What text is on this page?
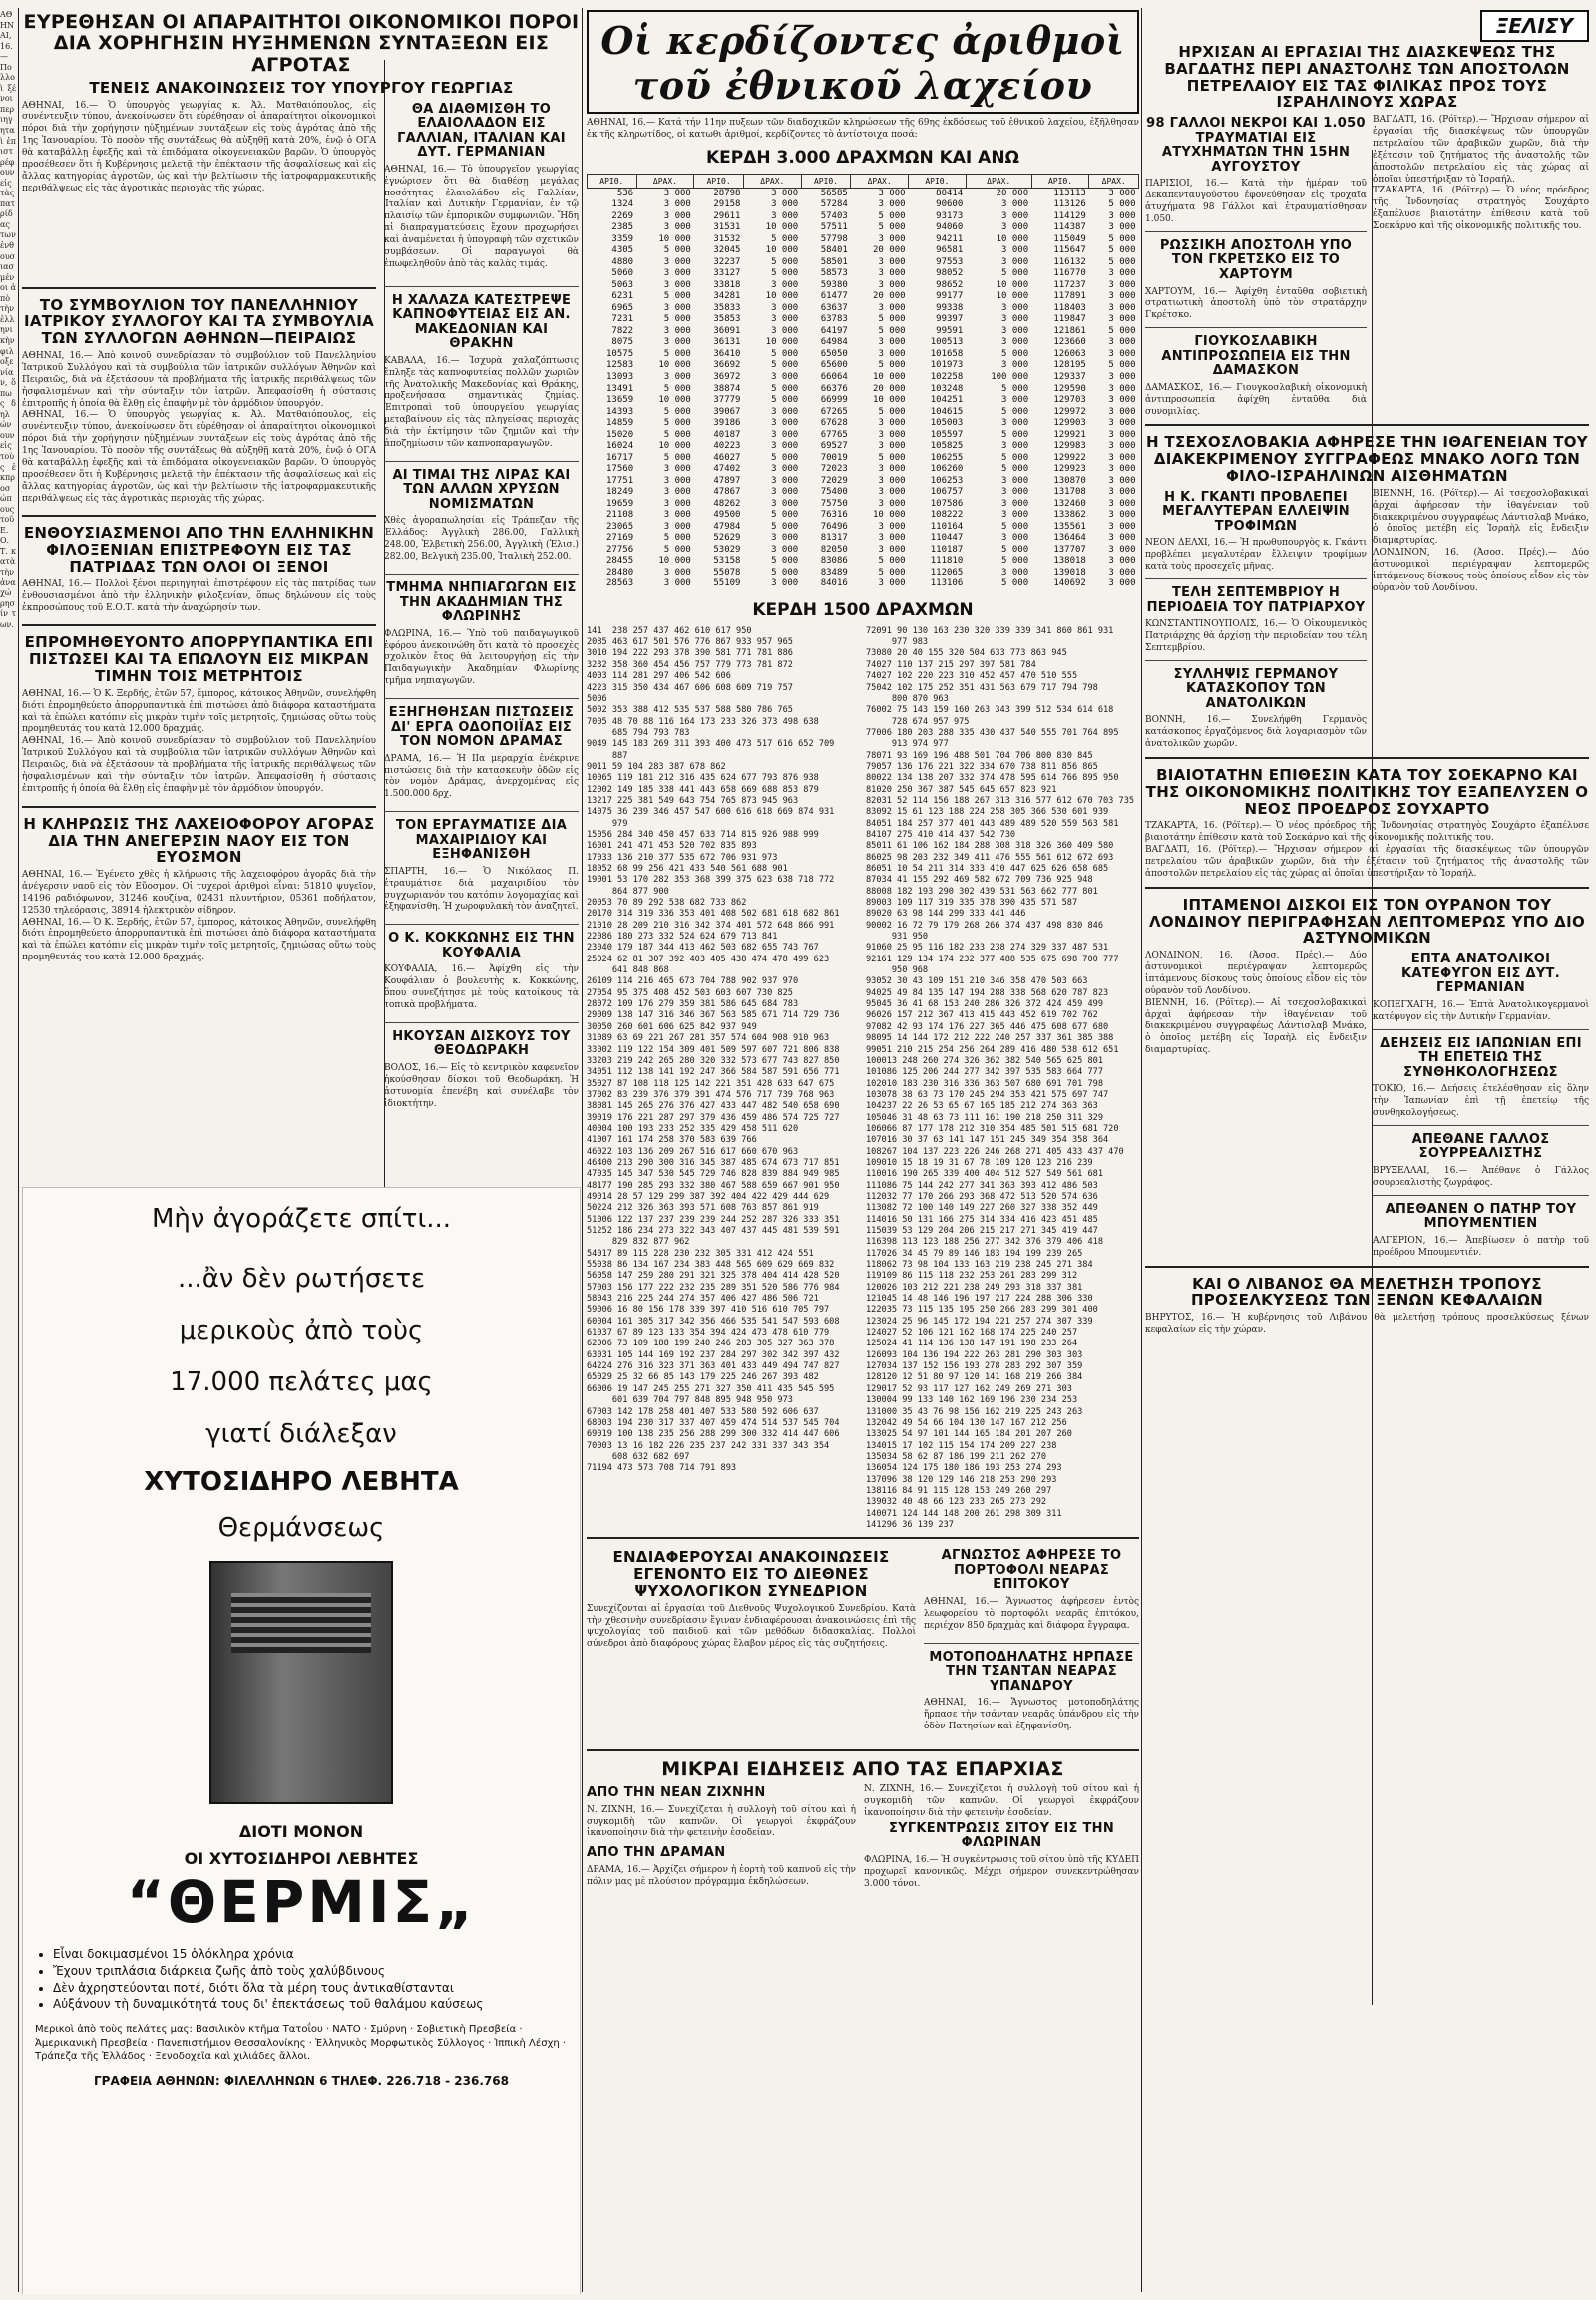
ΑΘΗΝΑΙ, 16.— Πολλοὶ ξένοι περιηγηταὶ ἐπιστρέφουν εἰς τὰς πατρίδας των ἐνθουσιασμένοι ἀπὸ τὴν ἑλληνικὴν φιλοξενίαν, ὅπως δηλώνουν εἰς τοὺς ἐκπροσώπους τοῦ Ε.Ο.Τ. κατὰ τὴν ἀναχώρησίν των.
ΕΥΡΕΘΗΣΑΝ ΟΙ ΑΠΑΡΑΙΤΗΤΟΙ ΟΙΚΟΝΟΜΙΚΟΙ ΠΟΡΟΙ ΔΙΑ ΧΟΡΗΓΗΣΙΝ ΗΥΞΗΜΕΝΩΝ ΣΥΝΤΑΞΕΩΝ ΕΙΣ ΑΓΡΟΤΑΣ
ΤΕΝΕΙΣ ΑΝΑΚΟΙΝΩΣΕΙΣ ΤΟΥ ΥΠΟΥΡΓΟΥ ΓΕΩΡΓΙΑΣ
ΑΘΗΝΑΙ, 16.— Ὁ ὑπουργὸς γεωργίας κ. Ἀλ. Ματθαιόπουλος, εἰς συνέντευξιν τύπου, ἀνεκοίνωσεν ὅτι εὑρέθησαν οἱ ἀπαραίτητοι οἰκονομικοὶ πόροι διὰ τὴν χορήγησιν ηὐξημένων συντάξεων εἰς τοὺς ἀγρότας ἀπὸ τῆς 1ης Ἰανουαρίου. Τὸ ποσὸν τῆς συντάξεως θὰ αὐξηθῇ κατὰ 20%, ἐνῷ ὁ ΟΓΑ θὰ καταβάλλῃ ἐφεξῆς καὶ τὰ ἐπιδόματα οἰκογενειακῶν βαρῶν. Ὁ ὑπουργὸς προσέθεσεν ὅτι ἡ Κυβέρνησις μελετᾷ τὴν ἐπέκτασιν τῆς ἀσφαλίσεως καὶ εἰς ἄλλας κατηγορίας ἀγροτῶν, ὡς καὶ τὴν βελτίωσιν τῆς ἰατροφαρμακευτικῆς περιθάλψεως εἰς τὰς ἀγροτικὰς περιοχὰς τῆς χώρας.
ΘΑ ΔΙΑΘΜΙΣΘΗ ΤΟ ΕΛΑΙΟΛΑΔΟΝ ΕΙΣ ΓΑΛΛΙΑΝ, ΙΤΑΛΙΑΝ ΚΑΙ ΔΥΤ. ΓΕΡΜΑΝΙΑΝ
ΑΘΗΝΑΙ, 16.— Τὸ ὑπουργεῖον γεωργίας ἐγνώρισεν ὅτι θὰ διαθέσῃ μεγάλας ποσότητας ἐλαιολάδου εἰς Γαλλίαν, Ἰταλίαν καὶ Δυτικὴν Γερμανίαν, ἐν τῷ πλαισίῳ τῶν ἐμπορικῶν συμφωνιῶν. Ἤδη αἱ διαπραγματεύσεις ἔχουν προχωρήσει καὶ ἀναμένεται ἡ ὑπογραφὴ τῶν σχετικῶν συμβάσεων. Οἱ παραγωγοὶ θὰ ἐπωφεληθοῦν ἀπὸ τὰς καλὰς τιμάς.
ΤΟ ΣΥΜΒΟΥΛΙΟΝ ΤΟΥ ΠΑΝΕΛΛΗΝΙΟΥ ΙΑΤΡΙΚΟΥ ΣΥΛΛΟΓΟΥ ΚΑΙ ΤΑ ΣΥΜΒΟΥΛΙΑ ΤΩΝ ΣΥΛΛΟΓΩΝ ΑΘΗΝΩΝ—ΠΕΙΡΑΙΩΣ
ΑΘΗΝΑΙ, 16.— Ἀπὸ κοινοῦ συνεδρίασαν τὸ συμβούλιον τοῦ Πανελληνίου Ἰατρικοῦ Συλλόγου καὶ τὰ συμβούλια τῶν ἰατρικῶν συλλόγων Ἀθηνῶν καὶ Πειραιῶς, διὰ νὰ ἐξετάσουν τὰ προβλήματα τῆς ἰατρικῆς περιθάλψεως τῶν ἠσφαλισμένων καὶ τὴν σύνταξιν τῶν ἰατρῶν. Ἀπεφασίσθη ἡ σύστασις ἐπιτροπῆς ἡ ὁποία θὰ ἔλθῃ εἰς ἐπαφὴν μὲ τὸν ἁρμόδιον ὑπουργόν.
ΑΘΗΝΑΙ, 16.— Ὁ ὑπουργὸς γεωργίας κ. Ἀλ. Ματθαιόπουλος, εἰς συνέντευξιν τύπου, ἀνεκοίνωσεν ὅτι εὑρέθησαν οἱ ἀπαραίτητοι οἰκονομικοὶ πόροι διὰ τὴν χορήγησιν ηὐξημένων συντάξεων εἰς τοὺς ἀγρότας ἀπὸ τῆς 1ης Ἰανουαρίου. Τὸ ποσὸν τῆς συντάξεως θὰ αὐξηθῇ κατὰ 20%, ἐνῷ ὁ ΟΓΑ θὰ καταβάλλῃ ἐφεξῆς καὶ τὰ ἐπιδόματα οἰκογενειακῶν βαρῶν. Ὁ ὑπουργὸς προσέθεσεν ὅτι ἡ Κυβέρνησις μελετᾷ τὴν ἐπέκτασιν τῆς ἀσφαλίσεως καὶ εἰς ἄλλας κατηγορίας ἀγροτῶν, ὡς καὶ τὴν βελτίωσιν τῆς ἰατροφαρμακευτικῆς περιθάλψεως εἰς τὰς ἀγροτικὰς περιοχὰς τῆς χώρας.
ΕΝΘΟΥΣΙΑΣΜΕΝΟΙ ΑΠΟ ΤΗΝ ΕΛΛΗΝΙΚΗΝ ΦΙΛΟΞΕΝΙΑΝ ΕΠΙΣΤΡΕΦΟΥΝ ΕΙΣ ΤΑΣ ΠΑΤΡΙΔΑΣ ΤΩΝ ΟΛΟΙ ΟΙ ΞΕΝΟΙ
ΑΘΗΝΑΙ, 16.— Πολλοὶ ξένοι περιηγηταὶ ἐπιστρέφουν εἰς τὰς πατρίδας των ἐνθουσιασμένοι ἀπὸ τὴν ἑλληνικὴν φιλοξενίαν, ὅπως δηλώνουν εἰς τοὺς ἐκπροσώπους τοῦ Ε.Ο.Τ. κατὰ τὴν ἀναχώρησίν των.
ΕΠΡΟΜΗΘΕΥΟΝΤΟ ΑΠΟΡΡΥΠΑΝΤΙΚΑ ΕΠΙ ΠΙΣΤΩΣΕΙ ΚΑΙ ΤΑ ΕΠΩΛΟΥΝ ΕΙΣ ΜΙΚΡΑΝ ΤΙΜΗΝ ΤΟΙΣ ΜΕΤΡΗΤΟΙΣ
ΑΘΗΝΑΙ, 16.— Ὁ Κ. Ξερδής, ἐτῶν 57, ἔμπορος, κάτοικος Ἀθηνῶν, συνελήφθη διότι ἐπρομηθεύετο ἀπορρυπαντικὰ ἐπὶ πιστώσει ἀπὸ διάφορα καταστήματα καὶ τὰ ἐπώλει κατόπιν εἰς μικρὰν τιμὴν τοῖς μετρητοῖς, ζημιώσας οὕτω τοὺς προμηθευτάς του κατὰ 12.000 δραχμάς.
ΑΘΗΝΑΙ, 16.— Ἀπὸ κοινοῦ συνεδρίασαν τὸ συμβούλιον τοῦ Πανελληνίου Ἰατρικοῦ Συλλόγου καὶ τὰ συμβούλια τῶν ἰατρικῶν συλλόγων Ἀθηνῶν καὶ Πειραιῶς, διὰ νὰ ἐξετάσουν τὰ προβλήματα τῆς ἰατρικῆς περιθάλψεως τῶν ἠσφαλισμένων καὶ τὴν σύνταξιν τῶν ἰατρῶν. Ἀπεφασίσθη ἡ σύστασις ἐπιτροπῆς ἡ ὁποία θὰ ἔλθῃ εἰς ἐπαφὴν μὲ τὸν ἁρμόδιον ὑπουργόν.
Η ΚΛΗΡΩΣΙΣ ΤΗΣ ΛΑΧΕΙΟΦΟΡΟΥ ΑΓΟΡΑΣ ΔΙΑ ΤΗΝ ΑΝΕΓΕΡΣΙΝ ΝΑΟΥ ΕΙΣ ΤΟΝ ΕΥΟΣΜΟΝ
ΑΘΗΝΑΙ, 16.— Ἐγένετο χθὲς ἡ κλήρωσις τῆς λαχειοφόρου ἀγορᾶς διὰ τὴν ἀνέγερσιν ναοῦ εἰς τὸν Εὔοσμον. Οἱ τυχεροὶ ἀριθμοὶ εἶναι: 51810 ψυγεῖον, 14196 ραδιόφωνον, 31246 κουζίνα, 02431 πλυντήριον, 05361 ποδήλατον, 12530 τηλεόρασις, 38914 ἠλεκτρικὸν σίδηρον.
ΑΘΗΝΑΙ, 16.— Ὁ Κ. Ξερδής, ἐτῶν 57, ἔμπορος, κάτοικος Ἀθηνῶν, συνελήφθη διότι ἐπρομηθεύετο ἀπορρυπαντικὰ ἐπὶ πιστώσει ἀπὸ διάφορα καταστήματα καὶ τὰ ἐπώλει κατόπιν εἰς μικρὰν τιμὴν τοῖς μετρητοῖς, ζημιώσας οὕτω τοὺς προμηθευτάς του κατὰ 12.000 δραχμάς.
Η ΧΑΛΑΖΑ ΚΑΤΕΣΤΡΕΨΕ ΚΑΠΝΟΦΥΤΕΙΑΣ ΕΙΣ ΑΝ. ΜΑΚΕΔΟΝΙΑΝ ΚΑΙ ΘΡΑΚΗΝ
ΚΑΒΑΛΑ, 16.— Ἰσχυρὰ χαλαζόπτωσις ἔπληξε τὰς καπνοφυτείας πολλῶν χωριῶν τῆς Ἀνατολικῆς Μακεδονίας καὶ Θράκης, προξενήσασα σημαντικὰς ζημίας. Ἐπιτροπαὶ τοῦ ὑπουργείου γεωργίας μεταβαίνουν εἰς τὰς πληγείσας περιοχὰς διὰ τὴν ἐκτίμησιν τῶν ζημιῶν καὶ τὴν ἀποζημίωσιν τῶν καπνοπαραγωγῶν.
ΑΙ ΤΙΜΑΙ ΤΗΣ ΛΙΡΑΣ ΚΑΙ ΤΩΝ ΑΛΛΩΝ ΧΡΥΣΩΝ ΝΟΜΙΣΜΑΤΩΝ
Χθὲς ἀγοραπωλησίαι εἰς Τράπεζαν τῆς Ἑλλάδος: Ἀγγλικὴ 286.00, Γαλλικὴ 248.00, Ἐλβετικὴ 256.00, Ἀγγλικὴ (Ἐλισ.) 282.00, Βελγικὴ 235.00, Ἰταλικὴ 252.00.
ΤΜΗΜΑ ΝΗΠΙΑΓΩΓΩΝ ΕΙΣ ΤΗΝ ΑΚΑΔΗΜΙΑΝ ΤΗΣ ΦΛΩΡΙΝΗΣ
ΦΛΩΡΙΝΑ, 16.— Ὑπὸ τοῦ παιδαγωγικοῦ ἐφόρου ἀνεκοινώθη ὅτι κατὰ τὸ προσεχὲς σχολικὸν ἔτος θὰ λειτουργήσῃ εἰς τὴν Παιδαγωγικὴν Ἀκαδημίαν Φλωρίνης τμῆμα νηπιαγωγῶν.
ΕΞΗΓΗΘΗΣΑΝ ΠΙΣΤΩΣΕΙΣ ΔΙ' ΕΡΓΑ ΟΔΟΠΟΙΪΑΣ ΕΙΣ ΤΟΝ ΝΟΜΟΝ ΔΡΑΜΑΣ
ΔΡΑΜΑ, 16.— Ἡ ΙΙα μεραρχία ἐνέκρινε πιστώσεις διὰ τὴν κατασκευὴν ὁδῶν εἰς τὸν νομὸν Δράμας, ἀνερχομένας εἰς 1.500.000 δρχ.
ΤΟΝ ΕΡΓΑΥΜΑΤΙΣΕ ΔΙΑ ΜΑΧΑΙΡΙΔΙΟΥ ΚΑΙ ΕΞΗΦΑΝΙΣΘΗ
ΣΠΑΡΤΗ, 16.— Ὁ Νικόλαος Π. ἐτραυμάτισε διὰ μαχαιριδίου τὸν συγχωριανόν του κατόπιν λογομαχίας καὶ ἐξηφανίσθη. Ἡ χωροφυλακὴ τὸν ἀναζητεῖ.
Ο Κ. ΚΟΚΚΩΝΗΣ ΕΙΣ ΤΗΝ ΚΟΥΦΑΛΙΑ
ΚΟΥΦΑΛΙΑ, 16.— Ἀφίχθη εἰς τὴν Κουφάλιαν ὁ βουλευτὴς κ. Κοκκώνης, ὅπου συνεζήτησε μὲ τοὺς κατοίκους τὰ τοπικὰ προβλήματα.
ΗΚΟΥΣΑΝ ΔΙΣΚΟΥΣ ΤΟΥ ΘΕΟΔΩΡΑΚΗ
ΒΟΛΟΣ, 16.— Εἰς τὸ κεντρικὸν καφενεῖον ἠκούσθησαν δίσκοι τοῦ Θεοδωράκη. Ἡ ἀστυνομία ἐπενέβη καὶ συνέλαβε τὸν ἰδιοκτήτην.
Μὴν ἀγοράζετε σπίτι...
...ἂν δὲν ρωτήσετε
μερικοὺς ἀπὸ τοὺς
17.000 πελάτες μας
γιατί διάλεξαν
ΧΥΤΟΣΙΔΗΡΟ ΛΕΒΗΤΑ
Θερμάνσεως
ΔΙΟΤΙ ΜΟΝΟΝ
ΟΙ ΧΥΤΟΣΙΔΗΡΟΙ ΛΕΒΗΤΕΣ
“ΘΕΡΜΙΣ„
• Εἶναι δοκιμασμένοι 15 ὁλόκληρα χρόνια
• Ἔχουν τριπλάσια διάρκεια ζωῆς ἀπὸ τοὺς χαλύβδινους
• Δὲν ἀχρηστεύονται ποτέ, διότι ὅλα τὰ μέρη τους ἀντικαθίστανται
• Αὐξάνουν τὴ δυναμικότητά τους δι' ἐπεκτάσεως τοῦ θαλάμου καύσεως
Μερικοὶ ἀπὸ τοὺς πελάτες μας: Βασιλικὸν κτῆμα Τατοΐου · ΝΑΤΟ · Σμύρνη · Σοβιετικὴ Πρεσβεία · Ἀμερικανικὴ Πρεσβεία · Πανεπιστήμιον Θεσσαλονίκης · Ἑλληνικὸς Μορφωτικὸς Σύλλογος · Ἱππικὴ Λέσχη · Τράπεζα τῆς Ἑλλάδος · Ξενοδοχεῖα καὶ χιλιάδες ἄλλοι.
ΓΡΑΦΕΙΑ ΑΘΗΝΩΝ: ΦΙΛΕΛΛΗΝΩΝ 6 ΤΗΛΕΦ. 226.718 - 236.768
Οἱ κερδίζοντες ἀριθμοὶ τοῦ ἐθνικοῦ λαχείου
ΑΘΗΝΑΙ, 16.— Κατά τήν 11ην πυξεων τῶν διαδοχικῶν κληρώσεων τῆς 69ης ἐκδόσεως τοῦ ἐθνικοῦ λαχείου, ἐξῆλθησαν ἐκ τῆς κληρωτίδος, οἱ κατωθι ἀριθμοί, κερδίζοντες τὸ ἀντίστοιχα ποσά:
ΚΕΡΔΗ 3.000 ΔΡΑΧΜΩΝ ΚΑΙ ΑΝΩ
ΑΡΙΘ.	ΔΡΑΧ.	ΑΡΙΘ.	ΔΡΑΧ.	ΑΡΙΘ.	ΔΡΑΧ.	ΑΡΙΘ.	ΔΡΑΧ.	ΑΡΙΘ.	ΔΡΑΧ.
536	3 000	28798	3 000	56585	3 000	80414	20 000	113113	3 000
1324	3 000	29158	3 000	57284	3 000	90600	3 000	113126	5 000
2269	3 000	29611	3 000	57403	5 000	93173	3 000	114129	3 000
2385	3 000	31531	10 000	57511	5 000	94060	3 000	114387	3 000
3359	10 000	31532	5 000	57798	3 000	94211	10 000	115049	5 000
4305	5 000	32045	10 000	58401	20 000	96581	3 000	115647	5 000
4880	3 000	32237	5 000	58501	3 000	97553	3 000	116132	5 000
5060	3 000	33127	5 000	58573	3 000	98052	5 000	116770	3 000
5063	3 000	33818	3 000	59380	3 000	98652	10 000	117237	3 000
6231	5 000	34281	10 000	61477	20 000	99177	10 000	117891	3 000
6965	3 000	35833	3 000	63637	3 000	99338	3 000	118403	3 000
7231	5 000	35853	3 000	63783	5 000	99397	3 000	119847	3 000
7822	3 000	36091	3 000	64197	5 000	99591	3 000	121861	5 000
8075	3 000	36131	10 000	64984	3 000	100513	3 000	123660	3 000
10575	5 000	36410	5 000	65050	3 000	101658	5 000	126063	3 000
12583	10 000	36692	5 000	65600	5 000	101973	3 000	128195	5 000
13093	3 000	36972	3 000	66064	10 000	102258	100 000	129337	3 000
13491	5 000	38874	5 000	66376	20 000	103248	5 000	129590	3 000
13659	10 000	37779	5 000	66999	10 000	104251	3 000	129703	3 000
14393	5 000	39067	3 000	67265	5 000	104615	5 000	129972	3 000
14859	5 000	39186	3 000	67628	3 000	105003	3 000	129903	3 000
15020	5 000	40187	3 000	67765	3 000	105597	5 000	129921	3 000
16024	10 000	40223	3 000	69527	3 000	105825	3 000	129983	3 000
16717	5 000	46027	5 000	70019	5 000	106255	5 000	129922	3 000
17560	3 000	47402	3 000	72023	3 000	106260	5 000	129923	3 000
17751	3 000	47897	3 000	72029	3 000	106253	3 000	130870	3 000
18249	3 000	47867	3 000	75400	3 000	106757	3 000	131708	3 000
19659	3 000	48262	3 000	75750	3 000	107586	3 000	132460	3 000
21108	3 000	49500	5 000	76316	10 000	108222	3 000	133862	3 000
23065	3 000	47984	5 000	76496	3 000	110164	5 000	135561	3 000
27169	5 000	52629	3 000	81317	3 000	110447	3 000	136464	3 000
27756	5 000	53029	3 000	82050	3 000	110187	5 000	137707	3 000
28455	10 000	53158	5 000	83086	5 000	111810	5 000	138018	3 000
28480	3 000	55078	5 000	83489	5 000	112065	3 000	139018	3 000
28563	3 000	55109	3 000	84016	3 000	113106	5 000	140692	3 000
ΚΕΡΔΗ 1500 ΔΡΑΧΜΩΝ
141  238 257 437 462 610 617 950
2085 463 617 501 576 776 867 933 957 965
3010 194 222 293 378 390 581 771 781 886
3232 358 360 454 456 757 779 773 781 872
4003 114 281 297 406 542 606
4223 315 350 434 467 606 608 609 719 757
5006
5002 353 388 412 535 537 588 580 786 765
7005 48 70 88 116 164 173 233 326 373 498 638
685 794 793 783
9049 145 183 269 311 393 400 473 517 616 652 709
887
9011 59 104 283 387 678 862
10065 119 181 212 316 435 624 677 793 876 938
12002 149 185 338 441 443 658 669 688 853 879
13217 225 381 549 643 754 765 873 945 963
14075 36 239 346 457 547 600 616 618 669 874 931
979
15056 284 340 450 457 633 714 815 926 988 999
16001 241 471 453 520 702 835 893
17033 136 210 377 535 672 706 931 973
18052 68 99 256 421 433 540 561 688 901
19001 53 170 282 353 368 399 375 623 638 718 772
864 877 900
20053 70 89 292 538 682 733 862
20170 314 319 336 353 401 408 502 681 618 682 861
21010 28 209 210 316 342 374 401 572 648 866 991
22086 180 273 332 524 624 679 713 841
23040 179 187 344 413 462 503 682 655 743 767
25024 62 81 307 392 403 405 438 474 478 499 623
641 848 868
26109 114 216 465 673 704 788 902 937 970
27054 95 375 408 452 503 603 607 730 825
28072 109 176 279 359 381 586 645 684 783
29009 138 147 316 346 367 563 585 671 714 729 736
30050 260 601 606 625 842 937 949
31089 63 69 221 267 281 357 574 604 908 910 963
33002 119 122 154 309 401 509 597 607 721 806 838
33203 219 242 265 280 320 332 573 677 743 827 850
34051 112 138 141 192 247 366 584 587 591 656 771
35027 87 108 118 125 142 221 351 428 633 647 675
37002 83 239 376 379 391 474 576 717 739 768 963
38081 145 265 276 376 427 433 447 482 540 658 690
39019 176 221 287 297 379 436 459 486 574 725 727
40004 100 193 233 252 335 429 458 511 620
41007 161 174 258 370 583 639 766
46022 103 136 209 267 516 617 660 670 963
46400 213 290 300 316 345 387 485 674 673 717 851
47035 145 347 530 545 729 746 828 839 884 949 985
48177 190 285 293 332 380 467 588 659 667 901 950
49014 28 57 129 299 387 392 404 422 429 444 629
50224 212 326 363 393 571 608 763 857 861 919
51006 122 137 237 239 239 244 252 287 326 333 351
51252 186 234 273 322 343 407 437 445 481 539 591
829 832 877 962
54017 89 115 228 230 232 305 331 412 424 551
55038 86 134 167 234 383 448 565 609 629 669 832
56058 147 259 280 291 321 325 378 404 414 428 520
57003 156 177 222 232 235 289 351 520 586 776 984
58043 216 225 244 274 357 406 427 486 506 721
59006 16 80 156 178 339 397 410 516 610 705 797
60004 161 305 317 342 356 466 535 541 547 593 608
61037 67 89 123 133 354 394 424 473 478 610 779
62006 73 109 188 199 240 246 283 305 327 363 378
63031 105 144 169 192 237 284 297 302 342 397 432
64224 276 316 323 371 363 401 433 449 494 747 827
65029 25 32 66 85 143 179 225 246 267 393 482
66006 19 147 245 255 271 327 350 411 435 545 595
601 639 704 797 848 895 948 950 973
67003 142 178 258 401 407 533 580 592 606 637
68003 194 230 317 337 407 459 474 514 537 545 704
69019 100 138 235 256 288 299 300 332 414 447 606
70003 13 16 182 226 235 237 242 331 337 343 354
608 632 682 697
71194 473 573 708 714 791 893
72091 90 130 163 230 320 339 339 341 860 861 931
977 983
73080 20 40 155 320 504 633 773 863 945
74027 110 137 215 297 397 581 784
74027 102 220 223 310 452 457 470 510 555
75042 102 175 252 351 431 563 679 717 794 798
800 870 963
76002 75 143 159 160 263 343 399 512 534 614 618
728 674 957 975
77006 180 203 288 335 430 437 540 555 701 764 895
913 974 977
78071 93 169 196 488 501 704 706 800 830 845
79057 136 176 221 322 334 670 738 811 856 865
80022 134 138 207 332 374 478 595 614 766 895 950
81020 250 367 387 545 645 657 823 921
82031 52 114 156 188 267 313 316 577 612 670 703 735
83092 15 61 123 188 224 258 305 366 530 601 939
84051 184 257 377 401 443 489 489 520 559 563 581
84107 275 410 414 437 542 730
85011 61 106 162 184 288 308 318 326 360 409 580
86025 98 203 232 349 411 476 555 561 612 672 693
86051 10 54 211 314 333 410 447 625 626 658 685
87034 41 155 292 469 582 672 709 736 925 948
88008 182 193 290 302 439 531 563 662 777 801
89003 109 117 319 335 378 390 435 571 587
89020 63 98 144 299 333 441 446
90002 16 72 79 179 268 266 374 437 498 830 846
931 950
91060 25 95 116 182 233 238 274 329 337 487 531
92161 129 134 174 232 377 488 535 675 698 700 777
950 968
93052 30 43 109 151 210 346 358 470 503 663
94025 49 84 135 147 194 288 338 568 620 787 823
95045 36 41 68 153 240 286 326 372 424 459 499
96026 157 212 367 413 415 443 452 619 702 762
97082 42 93 174 176 227 365 446 475 608 677 680
98095 14 144 172 212 222 240 257 337 361 385 388
99051 210 215 254 256 264 289 416 480 538 612 651
100013 248 260 274 326 362 382 540 565 625 801
101086 125 206 244 277 342 397 535 583 664 777
102010 183 230 316 336 363 507 680 691 701 798
103078 38 63 73 170 245 294 353 421 575 697 747
104237 22 26 53 65 67 165 185 212 274 363 363
105046 31 48 63 73 111 161 190 218 250 311 329
106066 87 177 178 212 310 354 485 501 515 681 720
107016 30 37 63 141 147 151 245 349 354 358 364
108267 104 137 223 226 246 268 271 405 433 437 470
109010 15 18 19 31 67 78 109 120 123 216 239
110016 190 265 339 400 404 512 527 549 561 681
111086 75 144 242 277 341 363 393 412 486 503
112032 77 170 266 293 368 472 513 520 574 636
113082 72 100 140 149 227 260 327 338 352 449
114016 50 131 166 275 314 334 416 423 451 485
115039 53 129 204 206 215 217 271 345 419 447
116398 113 123 188 256 277 342 376 379 406 418
117026 34 45 79 89 146 183 194 199 239 265
118062 73 98 104 133 163 219 238 245 271 384
119109 86 115 118 232 253 261 283 299 312
120026 103 212 221 238 249 293 318 337 381
121045 14 48 146 196 197 217 224 288 306 330
122035 73 115 135 195 250 266 283 299 301 400
123024 25 96 145 172 194 221 257 274 307 339
124027 52 106 121 162 168 174 225 240 257
125024 41 114 136 138 147 191 198 233 264
126093 104 136 194 222 263 281 290 303 303
127034 137 152 156 193 278 283 292 307 359
128120 12 51 80 97 120 141 168 219 266 384
129017 52 93 117 127 162 249 269 271 303
130004 99 133 140 162 169 196 230 234 253
131000 35 43 76 98 156 162 219 225 243 263
132042 49 54 66 104 130 147 167 212 256
133025 54 97 101 144 165 184 201 207 260
134015 17 102 115 154 174 209 227 238
135034 58 62 87 186 199 211 262 270
136054 124 175 180 186 193 253 274 293
137096 38 120 129 146 218 253 290 293
138116 84 91 115 128 153 249 260 297
139032 40 48 66 123 233 265 273 292
140071 124 144 148 200 261 298 309 311
141296 36 139 237
ΕΝΔΙΑΦΕΡΟΥΣΑΙ ΑΝΑΚΟΙΝΩΣΕΙΣ ΕΓΕΝΟΝΤΟ ΕΙΣ ΤΟ ΔΙΕΘΝΕΣ ΨΥΧΟΛΟΓΙΚΟΝ ΣΥΝΕΔΡΙΟΝ
Συνεχίζονται αἱ ἐργασίαι τοῦ Διεθνοῦς Ψυχολογικοῦ Συνεδρίου. Κατὰ τὴν χθεσινὴν συνεδρίασιν ἔγιναν ἐνδιαφέρουσαι ἀνακοινώσεις ἐπὶ τῆς ψυχολογίας τοῦ παιδιοῦ καὶ τῶν μεθόδων διδασκαλίας. Πολλοὶ σύνεδροι ἀπὸ διαφόρους χώρας ἔλαβον μέρος εἰς τὰς συζητήσεις.
ΑΓΝΩΣΤΟΣ ΑΦΗΡΕΣΕ ΤΟ ΠΟΡΤΟΦΟΛΙ ΝΕΑΡΑΣ ΕΠΙΤΟΚΟΥ
ΑΘΗΝΑΙ, 16.— Ἄγνωστος ἀφήρεσεν ἐντὸς λεωφορείου τὸ πορτοφόλι νεαρᾶς ἐπιτόκου, περιέχον 850 δραχμὰς καὶ διάφορα ἔγγραφα.
ΜΟΤΟΠΟΔΗΛΑΤΗΣ ΗΡΠΑΣΕ ΤΗΝ ΤΣΑΝΤΑΝ ΝΕΑΡΑΣ ΥΠΑΝΔΡΟΥ
ΑΘΗΝΑΙ, 16.— Ἄγνωστος μοτοποδηλάτης ἥρπασε τὴν τσάνταν νεαρᾶς ὑπάνδρου εἰς τὴν ὁδὸν Πατησίων καὶ ἐξηφανίσθη.
ΜΙΚΡΑΙ ΕΙΔΗΣΕΙΣ ΑΠΟ ΤΑΣ ΕΠΑΡΧΙΑΣ
ΑΠΟ ΤΗΝ ΝΕΑΝ ΖΙΧΝΗΝ
Ν. ΖΙΧΝΗ, 16.— Συνεχίζεται ἡ συλλογὴ τοῦ σίτου καὶ ἡ συγκομιδὴ τῶν καπνῶν. Οἱ γεωργοὶ ἐκφράζουν ἱκανοποίησιν διὰ τὴν φετεινὴν ἐσοδείαν.
ΑΠΟ ΤΗΝ ΔΡΑΜΑΝ
ΔΡΑΜΑ, 16.— Ἀρχίζει σήμερον ἡ ἑορτὴ τοῦ καπνοῦ εἰς τὴν πόλιν μας μὲ πλούσιον πρόγραμμα ἐκδηλώσεων.
Ν. ΖΙΧΝΗ, 16.— Συνεχίζεται ἡ συλλογὴ τοῦ σίτου καὶ ἡ συγκομιδὴ τῶν καπνῶν. Οἱ γεωργοὶ ἐκφράζουν ἱκανοποίησιν διὰ τὴν φετεινὴν ἐσοδείαν.
ΣΥΓΚΕΝΤΡΩΣΙΣ ΣΙΤΟΥ ΕΙΣ ΤΗΝ ΦΛΩΡΙΝΑΝ
ΦΛΩΡΙΝΑ, 16.— Ἡ συγκέντρωσις τοῦ σίτου ὑπὸ τῆς ΚΥΔΕΠ προχωρεῖ κανονικῶς. Μέχρι σήμερον συνεκεντρώθησαν 3.000 τόνοι.
ΞΕΛΙΣΥ
ΗΡΧΙΣΑΝ ΑΙ ΕΡΓΑΣΙΑΙ ΤΗΣ ΔΙΑΣΚΕΨΕΩΣ ΤΗΣ ΒΑΓΔΑΤΗΣ ΠΕΡΙ ΑΝΑΣΤΟΛΗΣ ΤΩΝ ΑΠΟΣΤΟΛΩΝ ΠΕΤΡΕΛΑΙΟΥ ΕΙΣ ΤΑΣ ΦΙΛΙΚΑΣ ΠΡΟΣ ΤΟΥΣ ΙΣΡΑΗΛΙΝΟΥΣ ΧΩΡΑΣ
98 ΓΑΛΛΟΙ ΝΕΚΡΟΙ ΚΑΙ 1.050 ΤΡΑΥΜΑΤΙΑΙ ΕΙΣ ΑΤΥΧΗΜΑΤΩΝ ΤΗΝ 15ΗΝ ΑΥΓΟΥΣΤΟΥ
ΠΑΡΙΣΙΟΙ, 16.— Κατὰ τὴν ἡμέραν τοῦ Δεκαπενταυγούστου ἐφονεύθησαν εἰς τροχαῖα ἀτυχήματα 98 Γάλλοι καὶ ἐτραυματίσθησαν 1.050.
ΡΩΣΣΙΚΗ ΑΠΟΣΤΟΛΗ ΥΠΟ ΤΟΝ ΓΚΡΕΤΣΚΟ ΕΙΣ ΤΟ ΧΑΡΤΟΥΜ
ΧΑΡΤΟΥΜ, 16.— Ἀφίχθη ἐνταῦθα σοβιετικὴ στρατιωτικὴ ἀποστολὴ ὑπὸ τὸν στρατάρχην Γκρέτσκο.
ΓΙΟΥΚΟΣΛΑΒΙΚΗ ΑΝΤΙΠΡΟΣΩΠΕΙΑ ΕΙΣ ΤΗΝ ΔΑΜΑΣΚΟΝ
ΔΑΜΑΣΚΟΣ, 16.— Γιουγκοσλαβικὴ οἰκονομικὴ ἀντιπροσωπεία ἀφίχθη ἐνταῦθα διὰ συνομιλίας.
ΒΑΓΔΑΤΙ, 16. (Ρόϊτερ).— Ἤρχισαν σήμερον αἱ ἐργασίαι τῆς διασκέψεως τῶν ὑπουργῶν πετρελαίου τῶν ἀραβικῶν χωρῶν, διὰ τὴν ἐξέτασιν τοῦ ζητήματος τῆς ἀναστολῆς τῶν ἀποστολῶν πετρελαίου εἰς τὰς χώρας αἱ ὁποῖαι ὑπεστήριξαν τὸ Ἰσραήλ.
ΤΖΑΚΑΡΤΑ, 16. (Ρόϊτερ).— Ὁ νέος πρόεδρος τῆς Ἰνδονησίας στρατηγὸς Σουχάρτο ἐξαπέλυσε βιαιοτάτην ἐπίθεσιν κατὰ τοῦ Σοεκάρνο καὶ τῆς οἰκονομικῆς πολιτικῆς του.
Η ΤΣΕΧΟΣΛΟΒΑΚΙΑ ΑΦΗΡΕΣΕ ΤΗΝ ΙΘΑΓΕΝΕΙΑΝ ΤΟΥ ΔΙΑΚΕΚΡΙΜΕΝΟΥ ΣΥΓΓΡΑΦΕΩΣ ΜΝΑΚΟ ΛΟΓΩ ΤΩΝ ΦΙΛΟ-ΙΣΡΑΗΛΙΝΩΝ ΑΙΣΘΗΜΑΤΩΝ
Η Κ. ΓΚΑΝΤΙ ΠΡΟΒΛΕΠΕΙ ΜΕΓΑΛΥΤΕΡΑΝ ΕΛΛΕΙΨΙΝ ΤΡΟΦΙΜΩΝ
ΝΕΟΝ ΔΕΛΧΙ, 16.— Ἡ πρωθυπουργὸς κ. Γκάντι προβλέπει μεγαλυτέραν ἔλλειψιν τροφίμων κατὰ τοὺς προσεχεῖς μῆνας.
ΤΕΛΗ ΣΕΠΤΕΜΒΡΙΟΥ Η ΠΕΡΙΟΔΕΙΑ ΤΟΥ ΠΑΤΡΙΑΡΧΟΥ
ΚΩΝΣΤΑΝΤΙΝΟΥΠΟΛΙΣ, 16.— Ὁ Οἰκουμενικὸς Πατριάρχης θὰ ἀρχίσῃ τὴν περιοδείαν του τέλη Σεπτεμβρίου.
ΣΥΛΛΗΨΙΣ ΓΕΡΜΑΝΟΥ ΚΑΤΑΣΚΟΠΟΥ ΤΩΝ ΑΝΑΤΟΛΙΚΩΝ
ΒΟΝΝΗ, 16.— Συνελήφθη Γερμανὸς κατάσκοπος ἐργαζόμενος διὰ λογαριασμὸν τῶν ἀνατολικῶν χωρῶν.
ΒΙΕΝΝΗ, 16. (Ρόϊτερ).— Αἱ τσεχοσλοβακικαὶ ἀρχαὶ ἀφήρεσαν τὴν ἰθαγένειαν τοῦ διακεκριμένου συγγραφέως Λάντισλαβ Μνάκο, ὁ ὁποῖος μετέβη εἰς Ἰσραὴλ εἰς ἔνδειξιν διαμαρτυρίας.
ΛΟΝΔΙΝΟΝ, 16. (Ἀσοσ. Πρές).— Δύο ἀστυνομικοὶ περιέγραψαν λεπτομερῶς ἱπτάμενους δίσκους τοὺς ὁποίους εἶδον εἰς τὸν οὐρανὸν τοῦ Λονδίνου.
ΒΙΑΙΟΤΑΤΗΝ ΕΠΙΘΕΣΙΝ ΚΑΤΑ ΤΟΥ ΣΟΕΚΑΡΝΟ ΚΑΙ ΤΗΣ ΟΙΚΟΝΟΜΙΚΗΣ ΠΟΛΙΤΙΚΗΣ ΤΟΥ ΕΞΑΠΕΛΥΣΕΝ Ο ΝΕΟΣ ΠΡΟΕΔΡΟΣ ΣΟΥΧΑΡΤΟ
ΤΖΑΚΑΡΤΑ, 16. (Ρόϊτερ).— Ὁ νέος πρόεδρος τῆς Ἰνδονησίας στρατηγὸς Σουχάρτο ἐξαπέλυσε βιαιοτάτην ἐπίθεσιν κατὰ τοῦ Σοεκάρνο καὶ τῆς οἰκονομικῆς πολιτικῆς του.
ΒΑΓΔΑΤΙ, 16. (Ρόϊτερ).— Ἤρχισαν σήμερον αἱ ἐργασίαι τῆς διασκέψεως τῶν ὑπουργῶν πετρελαίου τῶν ἀραβικῶν χωρῶν, διὰ τὴν ἐξέτασιν τοῦ ζητήματος τῆς ἀναστολῆς τῶν ἀποστολῶν πετρελαίου εἰς τὰς χώρας αἱ ὁποῖαι ὑπεστήριξαν τὸ Ἰσραήλ.
ΙΠΤΑΜΕΝΟΙ ΔΙΣΚΟΙ ΕΙΣ ΤΟΝ ΟΥΡΑΝΟΝ ΤΟΥ ΛΟΝΔΙΝΟΥ ΠΕΡΙΓΡΑΦΗΣΑΝ ΛΕΠΤΟΜΕΡΩΣ ΥΠΟ ΔΙΟ ΑΣΤΥΝΟΜΙΚΩΝ
ΛΟΝΔΙΝΟΝ, 16. (Ἀσοσ. Πρές).— Δύο ἀστυνομικοὶ περιέγραψαν λεπτομερῶς ἱπτάμενους δίσκους τοὺς ὁποίους εἶδον εἰς τὸν οὐρανὸν τοῦ Λονδίνου.
ΒΙΕΝΝΗ, 16. (Ρόϊτερ).— Αἱ τσεχοσλοβακικαὶ ἀρχαὶ ἀφήρεσαν τὴν ἰθαγένειαν τοῦ διακεκριμένου συγγραφέως Λάντισλαβ Μνάκο, ὁ ὁποῖος μετέβη εἰς Ἰσραὴλ εἰς ἔνδειξιν διαμαρτυρίας.
ΕΠΤΑ ΑΝΑΤΟΛΙΚΟΙ ΚΑΤΕΦΥΓΟΝ ΕΙΣ ΔΥΤ. ΓΕΡΜΑΝΙΑΝ
ΚΟΠΕΓΧΑΓΗ, 16.— Ἑπτὰ Ἀνατολικογερμανοὶ κατέφυγον εἰς τὴν Δυτικὴν Γερμανίαν.
ΔΕΗΣΕΙΣ ΕΙΣ ΙΑΠΩΝΙΑΝ ΕΠΙ ΤΗ ΕΠΕΤΕΙΩ ΤΗΣ ΣΥΝΘΗΚΟΛΟΓΗΣΕΩΣ
ΤΟΚΙΟ, 16.— Δεήσεις ἐτελέσθησαν εἰς ὅλην τὴν Ἰαπωνίαν ἐπὶ τῇ ἐπετείῳ τῆς συνθηκολογήσεως.
ΑΠΕΘΑΝΕ ΓΑΛΛΟΣ ΣΟΥΡΡΕΑΛΙΣΤΗΣ
ΒΡΥΞΕΛΛΑΙ, 16.— Ἀπέθανε ὁ Γάλλος σουρρεαλιστὴς ζωγράφος.
ΑΠΕΘΑΝΕΝ Ο ΠΑΤΗΡ ΤΟΥ ΜΠΟΥΜΕΝΤΙΕΝ
ΑΛΓΕΡΙΟΝ, 16.— Ἀπεβίωσεν ὁ πατὴρ τοῦ προέδρου Μπουμεντιέν.
ΚΑΙ Ο ΛΙΒΑΝΟΣ ΘΑ ΜΕΛΕΤΗΣΗ ΤΡΟΠΟΥΣ ΠΡΟΣΕΛΚΥΣΕΩΣ ΤΩΝ ΞΕΝΩΝ ΚΕΦΑΛΑΙΩΝ
ΒΗΡΥΤΟΣ, 16.— Ἡ κυβέρνησις τοῦ Λιβάνου θὰ μελετήσῃ τρόπους προσελκύσεως ξένων κεφαλαίων εἰς τὴν χώραν.
